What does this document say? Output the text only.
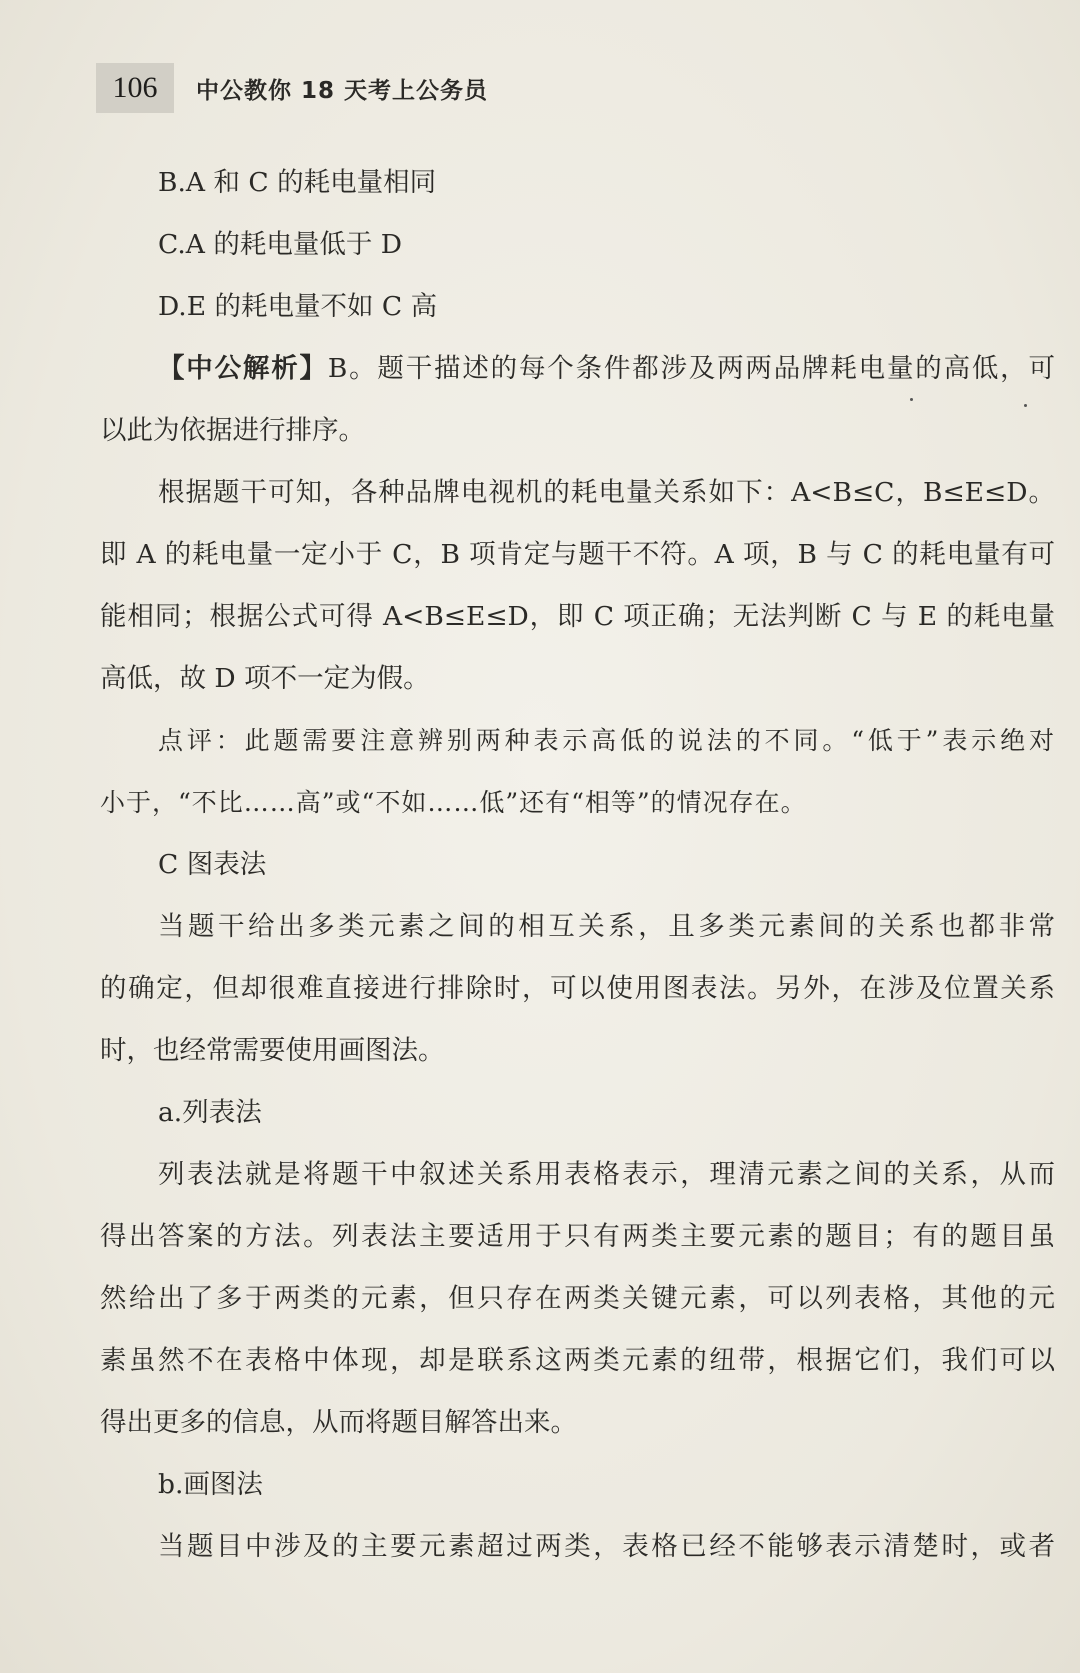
106	中公教你 18 天考上公务员
B.A 和 C 的耗电量相同
C.A 的耗电量低于 D
D.E 的耗电量不如 C 高
【中公解析】B。题干描述的每个条件都涉及两两品牌耗电量的高低，可
以此为依据进行排序。
根据题干可知，各种品牌电视机的耗电量关系如下：A<B≤C，B≤E≤D。
即 A 的耗电量一定小于 C，B 项肯定与题干不符。A 项，B 与 C 的耗电量有可
能相同；根据公式可得 A<B≤E≤D，即 C 项正确；无法判断 C 与 E 的耗电量
高低，故 D 项不一定为假。
点评：此题需要注意辨别两种表示高低的说法的不同。“低于”表示绝对
小于，“不比……高”或“不如……低”还有“相等”的情况存在。
C 图表法
当题干给出多类元素之间的相互关系，且多类元素间的关系也都非常
的确定，但却很难直接进行排除时，可以使用图表法。另外，在涉及位置关系
时，也经常需要使用画图法。
a.列表法
列表法就是将题干中叙述关系用表格表示，理清元素之间的关系，从而
得出答案的方法。列表法主要适用于只有两类主要元素的题目；有的题目虽
然给出了多于两类的元素，但只存在两类关键元素，可以列表格，其他的元
素虽然不在表格中体现，却是联系这两类元素的纽带，根据它们，我们可以
得出更多的信息，从而将题目解答出来。
b.画图法
当题目中涉及的主要元素超过两类，表格已经不能够表示清楚时，或者
